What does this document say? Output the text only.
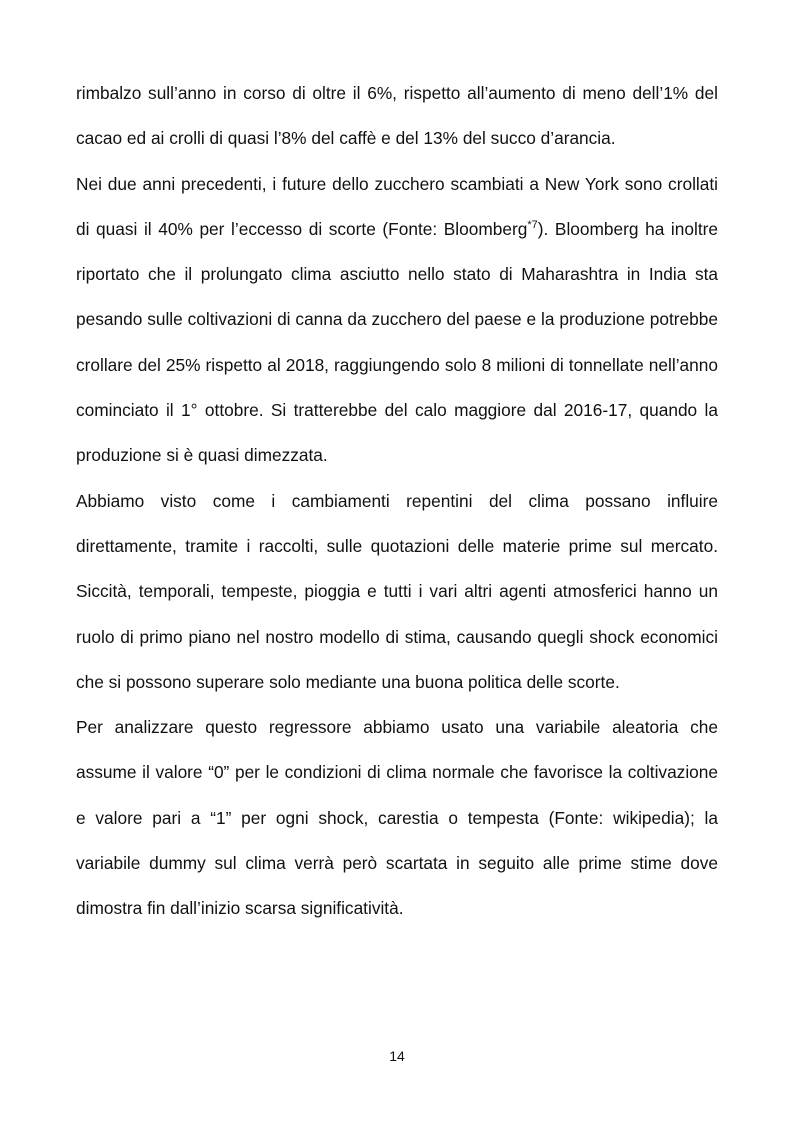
rimbalzo sull’anno in corso di oltre il 6%, rispetto all’aumento di meno dell’1% del cacao ed ai crolli di quasi l’8% del caffè e del 13% del succo d’arancia.

Nei due anni precedenti, i future dello zucchero scambiati a New York sono crollati di quasi il 40% per l’eccesso di scorte (Fonte: Bloomberg$^{*7}$). Bloomberg ha inoltre riportato che il prolungato clima asciutto nello stato di Maharashtra in India sta pesando sulle coltivazioni di canna da zucchero del paese e la produzione potrebbe crollare del 25% rispetto al 2018, raggiungendo solo 8 milioni di tonnellate nell’anno cominciato il 1° ottobre. Si tratterebbe del calo maggiore dal 2016-17, quando la produzione si è quasi dimezzata.

Abbiamo visto come i cambiamenti repentini del clima possano influire direttamente, tramite i raccolti, sulle quotazioni delle materie prime sul mercato. Siccità, temporali, tempeste, pioggia e tutti i vari altri agenti atmosferici hanno un ruolo di primo piano nel nostro modello di stima, causando quegli shock economici che si possono superare solo mediante una buona politica delle scorte.

Per analizzare questo regressore abbiamo usato una variabile aleatoria che assume il valore “0” per le condizioni di clima normale che favorisce la coltivazione e valore pari a “1” per ogni shock, carestia o tempesta (Fonte: wikipedia); la variabile dummy sul clima verrà però scartata in seguito alle prime stime dove dimostra fin dall’inizio scarsa significatività.

14
